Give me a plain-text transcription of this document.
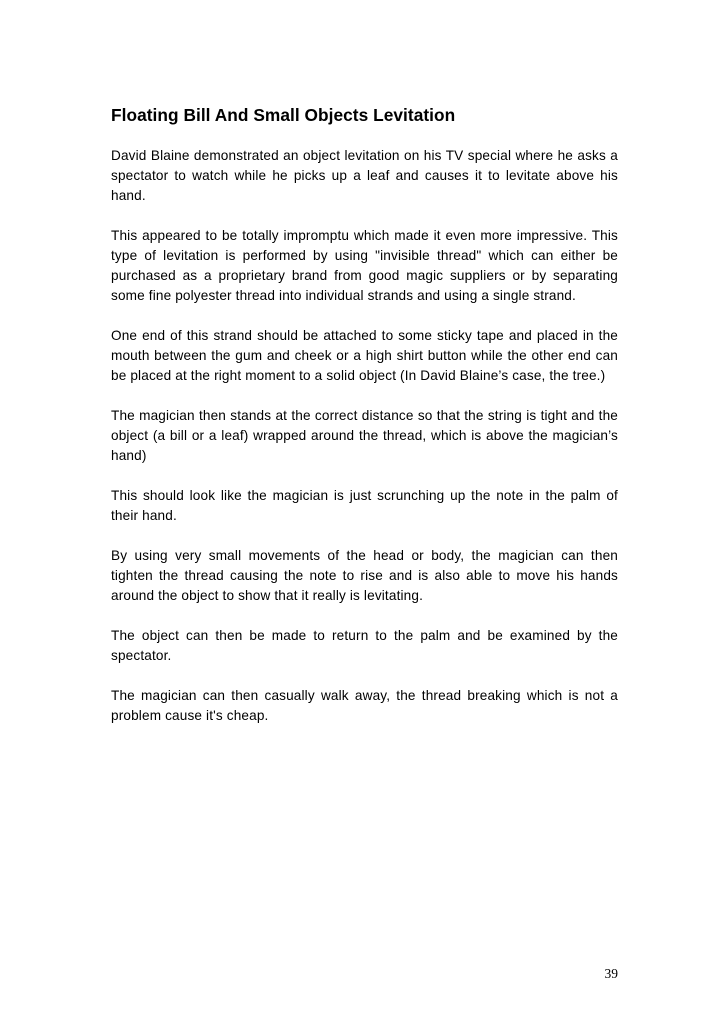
Floating Bill And Small Objects Levitation

David Blaine demonstrated an object levitation on his TV special where he asks a spectator to watch while he picks up a leaf and causes it to levitate above his hand.

This appeared to be totally impromptu which made it even more impressive. This type of levitation is performed by using "invisible thread" which can either be purchased as a proprietary brand from good magic suppliers or by separating some fine polyester thread into individual strands and using a single strand.

One end of this strand should be attached to some sticky tape and placed in the mouth between the gum and cheek or a high shirt button while the other end can be placed at the right moment to a solid object (In David Blaine’s case, the tree.)

The magician then stands at the correct distance so that the string is tight and the object (a bill or a leaf) wrapped around the thread, which is above the magician’s hand)

This should look like the magician is just scrunching up the note in the palm of their hand.

By using very small movements of the head or body, the magician can then tighten the thread causing the note to rise and is also able to move his hands around the object to show that it really is levitating.

The object can then be made to return to the palm and be examined by the spectator.

The magician can then casually walk away, the thread breaking which is not a problem cause it's cheap.

39
